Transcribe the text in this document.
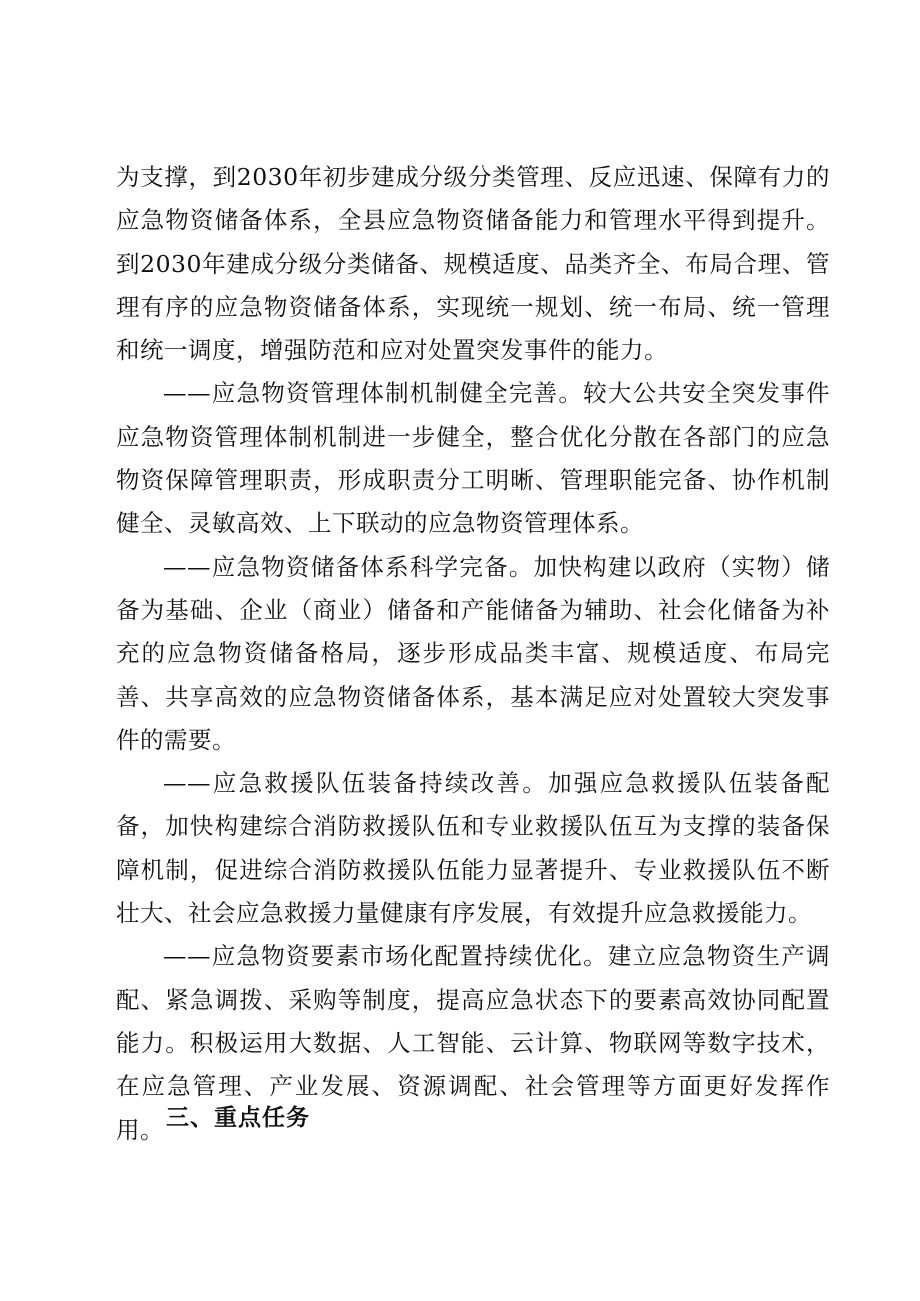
为支撑，到2030年初步建成分级分类管理、反应迅速、保障有力的应急物资储备体系，全县应急物资储备能力和管理水平得到提升。到2030年建成分级分类储备、规模适度、品类齐全、布局合理、管理有序的应急物资储备体系，实现统一规划、统一布局、统一管理和统一调度，增强防范和应对处置突发事件的能力。

——应急物资管理体制机制健全完善。较大公共安全突发事件应急物资管理体制机制进一步健全，整合优化分散在各部门的应急物资保障管理职责，形成职责分工明晰、管理职能完备、协作机制健全、灵敏高效、上下联动的应急物资管理体系。

——应急物资储备体系科学完备。加快构建以政府（实物）储备为基础、企业（商业）储备和产能储备为辅助、社会化储备为补充的应急物资储备格局，逐步形成品类丰富、规模适度、布局完善、共享高效的应急物资储备体系，基本满足应对处置较大突发事件的需要。

——应急救援队伍装备持续改善。加强应急救援队伍装备配备，加快构建综合消防救援队伍和专业救援队伍互为支撑的装备保障机制，促进综合消防救援队伍能力显著提升、专业救援队伍不断壮大、社会应急救援力量健康有序发展，有效提升应急救援能力。

——应急物资要素市场化配置持续优化。建立应急物资生产调配、紧急调拨、采购等制度，提高应急状态下的要素高效协同配置能力。积极运用大数据、人工智能、云计算、物联网等数字技术，在应急管理、产业发展、资源调配、社会管理等方面更好发挥作用。 三、重点任务
